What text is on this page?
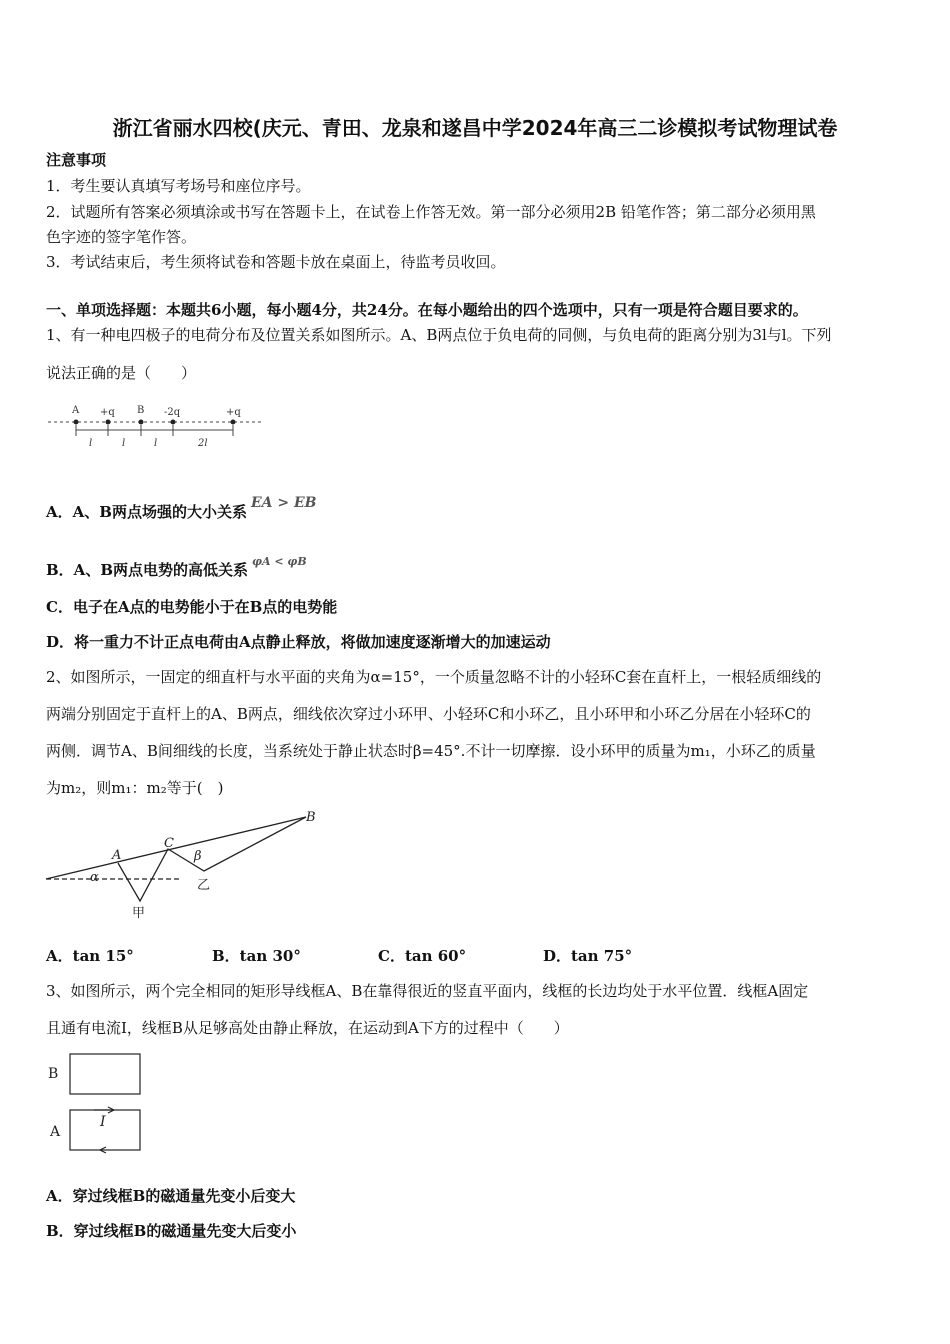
浙江省丽水四校(庆元、青田、龙泉和遂昌中学2024年高三二诊模拟考试物理试卷
注意事项
1．考生要认真填写考场号和座位序号。
2．试题所有答案必须填涂或书写在答题卡上，在试卷上作答无效。第一部分必须用2B 铅笔作答；第二部分必须用黑
色字迹的签字笔作答。
3．考试结束后，考生须将试卷和答题卡放在桌面上，待监考员收回。
一、单项选择题：本题共6小题，每小题4分，共24分。在每小题给出的四个选项中，只有一项是符合题目要求的。
1、有一种电四极子的电荷分布及位置关系如图所示。A、B两点位于负电荷的同侧，与负电荷的距离分别为3l与l。下列
说法正确的是（　　）
A +q B -2q	+q
l	l	l	2l
A．A、B两点场强的大小关系 EA > EB
B．A、B两点电势的高低关系 $^{\varphi A < \varphi B}$
C．电子在A点的电势能小于在B点的电势能
D．将一重力不计正点电荷由A点静止释放，将做加速度逐渐增大的加速运动
2、如图所示，一固定的细直杆与水平面的夹角为α=15°，一个质量忽略不计的小轻环C套在直杆上，一根轻质细线的
两端分别固定于直杆上的A、B两点，细线依次穿过小环甲、小轻环C和小环乙，且小环甲和小环乙分居在小轻环C的
两侧．调节A、B间细线的长度，当系统处于静止状态时β=45°.不计一切摩擦．设小环甲的质量为m₁，小环乙的质量
为m₂，则m₁：m₂等于(　)
A
B
C
α
β
甲
乙
A．tan 15°	B．tan 30°	C．tan 60°	D．tan 75°
3、如图所示，两个完全相同的矩形导线框A、B在靠得很近的竖直平面内，线框的长边均处于水平位置．线框A固定
且通有电流I，线框B从足够高处由静止释放，在运动到A下方的过程中（　　）
B
A
I
A．穿过线框B的磁通量先变小后变大
B．穿过线框B的磁通量先变大后变小
